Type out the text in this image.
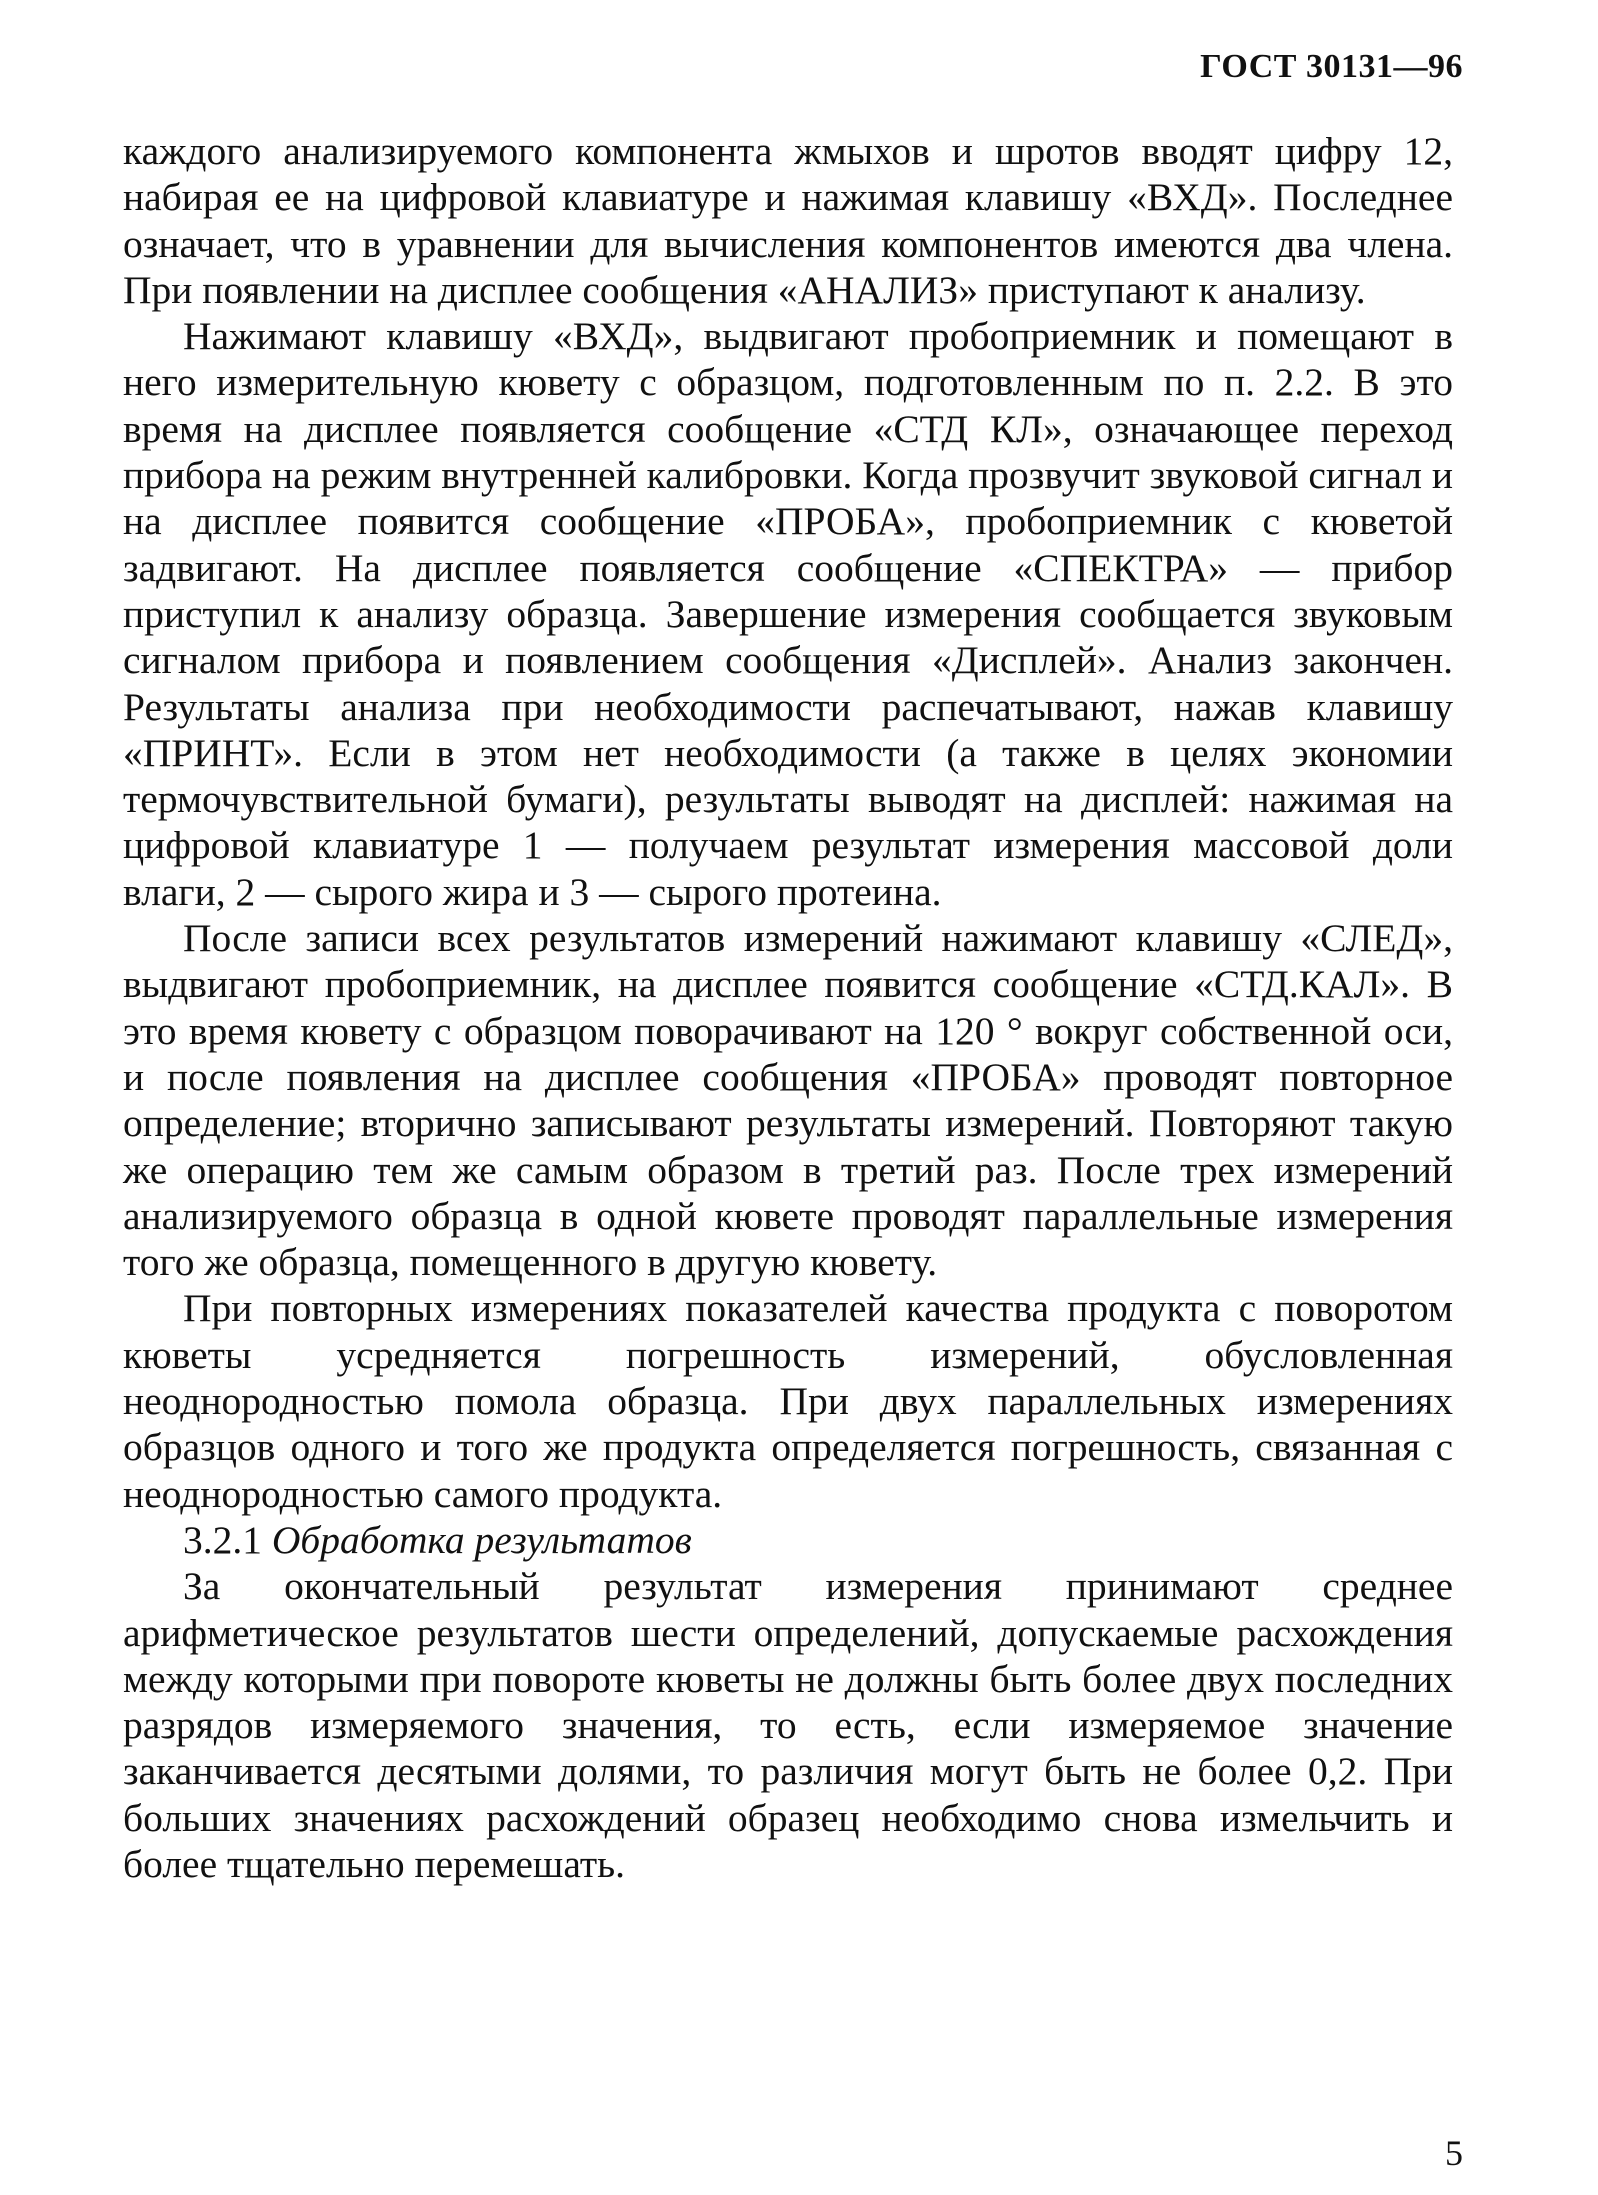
ГОСТ 30131—96

каждого анализируемого компонента жмыхов и шротов вводят цифру 12, набирая ее на цифровой клавиатуре и нажимая клавишу «ВХД». Последнее означает, что в уравнении для вычисления компонентов имеются два члена. При появлении на дисплее сообщения «АНАЛИЗ» приступают к анализу.

Нажимают клавишу «ВХД», выдвигают пробоприемник и помещают в него измерительную кювету с образцом, подготовленным по п. 2.2. В это время на дисплее появляется сообщение «СТД КЛ», означающее переход прибора на режим внутренней калибровки. Когда прозвучит звуковой сигнал и на дисплее появится сообщение «ПРОБА», пробоприемник с кюветой задвигают. На дисплее появляется сообщение «СПЕКТРА» — прибор приступил к анализу образца. Завершение измерения сообщается звуковым сигналом прибора и появлением сообщения «Дисплей». Анализ закончен. Результаты анализа при необходимости распечатывают, нажав клавишу «ПРИНТ». Если в этом нет необходимости (а также в целях экономии термочувствительной бумаги), результаты выводят на дисплей: нажимая на цифровой клавиатуре 1 — получаем результат измерения массовой доли влаги, 2 — сырого жира и 3 — сырого протеина.

После записи всех результатов измерений нажимают клавишу «СЛЕД», выдвигают пробоприемник, на дисплее появится сообщение «СТД.КАЛ». В это время кювету с образцом поворачивают на 120 ° вокруг собственной оси, и после появления на дисплее сообщения «ПРОБА» проводят повторное определение; вторично записывают результаты измерений. Повторяют такую же операцию тем же самым образом в третий раз. После трех измерений анализируемого образца в одной кювете проводят параллельные измерения того же образца, помещенного в другую кювету.

При повторных измерениях показателей качества продукта с поворотом кюветы усредняется погрешность измерений, обусловленная неоднородностью помола образца. При двух параллельных измерениях образцов одного и того же продукта определяется погрешность, связанная с неоднородностью самого продукта.

3.2.1 Обработка результатов

За окончательный результат измерения принимают среднее арифметическое результатов шести определений, допускаемые расхождения между которыми при повороте кюветы не должны быть более двух последних разрядов измеряемого значения, то есть, если измеряемое значение заканчивается десятыми долями, то различия могут быть не более 0,2. При больших значениях расхождений образец необходимо снова измельчить и более тщательно перемешать.

5
